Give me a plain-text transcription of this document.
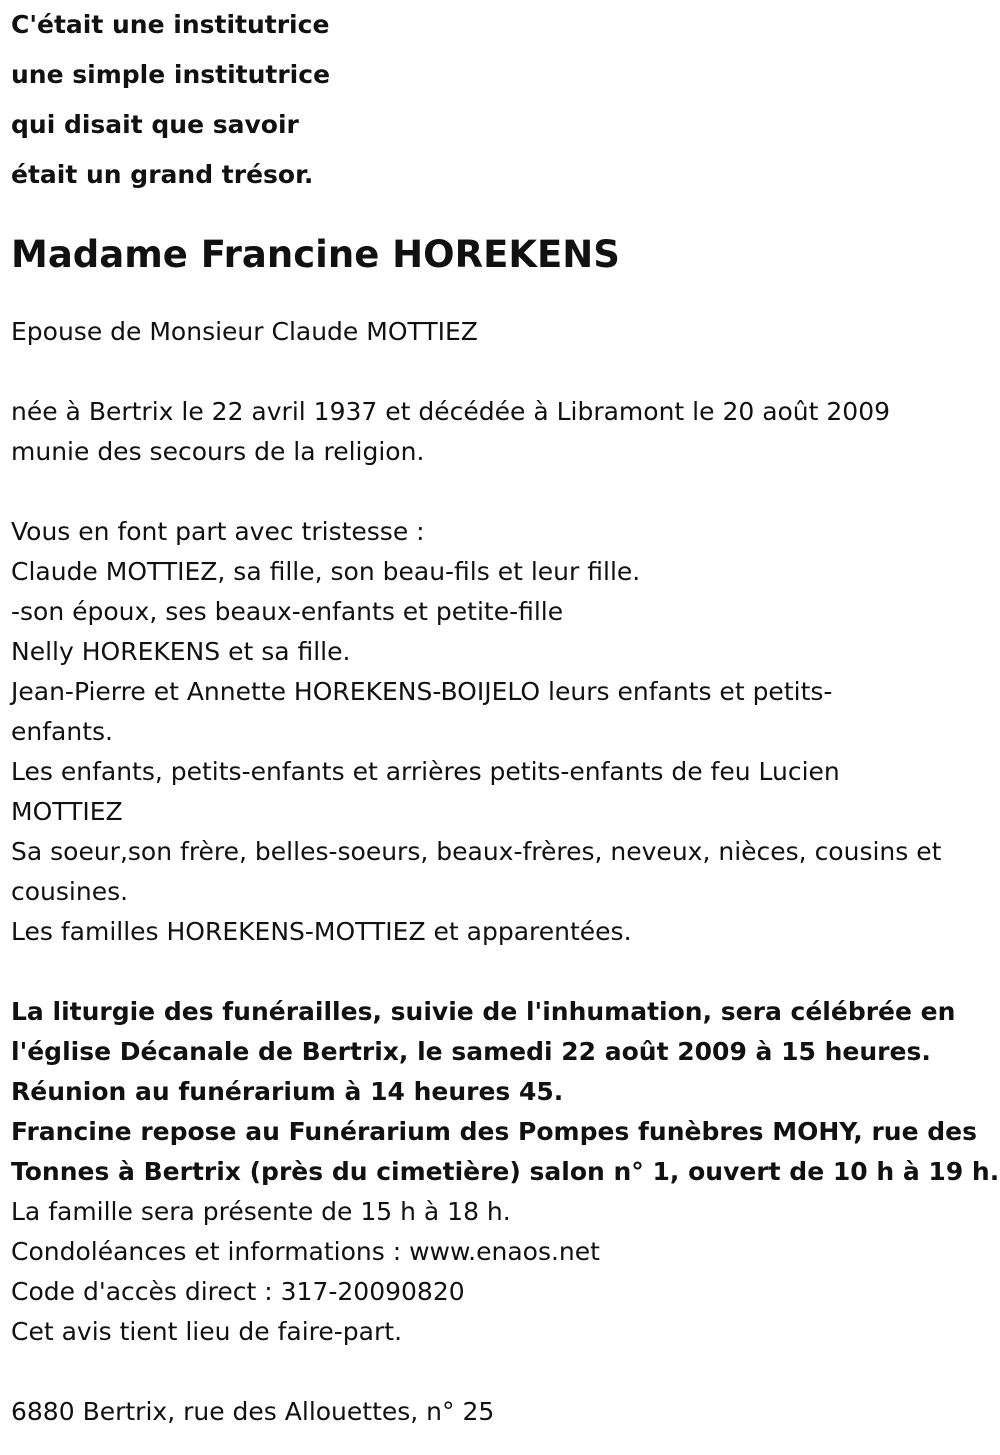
C'était une institutrice
une simple institutrice
qui disait que savoir
était un grand trésor.
Madame Francine HOREKENS
Epouse de Monsieur Claude MOTTIEZ
née à Bertrix le 22 avril 1937 et décédée à Libramont le 20 août 2009
munie des secours de la religion.
Vous en font part avec tristesse :
Claude MOTTIEZ, sa fille, son beau-fils et leur fille.
-son époux, ses beaux-enfants et petite-fille
Nelly HOREKENS et sa fille.
Jean-Pierre et Annette HOREKENS-BOIJELO leurs enfants et petits-
enfants.
Les enfants, petits-enfants et arrières petits-enfants de feu Lucien
MOTTIEZ
Sa soeur,son frère, belles-soeurs, beaux-frères, neveux, nièces, cousins et
cousines.
Les familles HOREKENS-MOTTIEZ et apparentées.
La liturgie des funérailles, suivie de l'inhumation, sera célébrée en
l'église Décanale de Bertrix, le samedi 22 août 2009 à 15 heures.
Réunion au funérarium à 14 heures 45.
Francine repose au Funérarium des Pompes funèbres MOHY, rue des
Tonnes à Bertrix (près du cimetière) salon n° 1, ouvert de 10 h à 19 h.
La famille sera présente de 15 h à 18 h.
Condoléances et informations : www.enaos.net
Code d'accès direct : 317-20090820
Cet avis tient lieu de faire-part.
6880 Bertrix, rue des Allouettes, n° 25
